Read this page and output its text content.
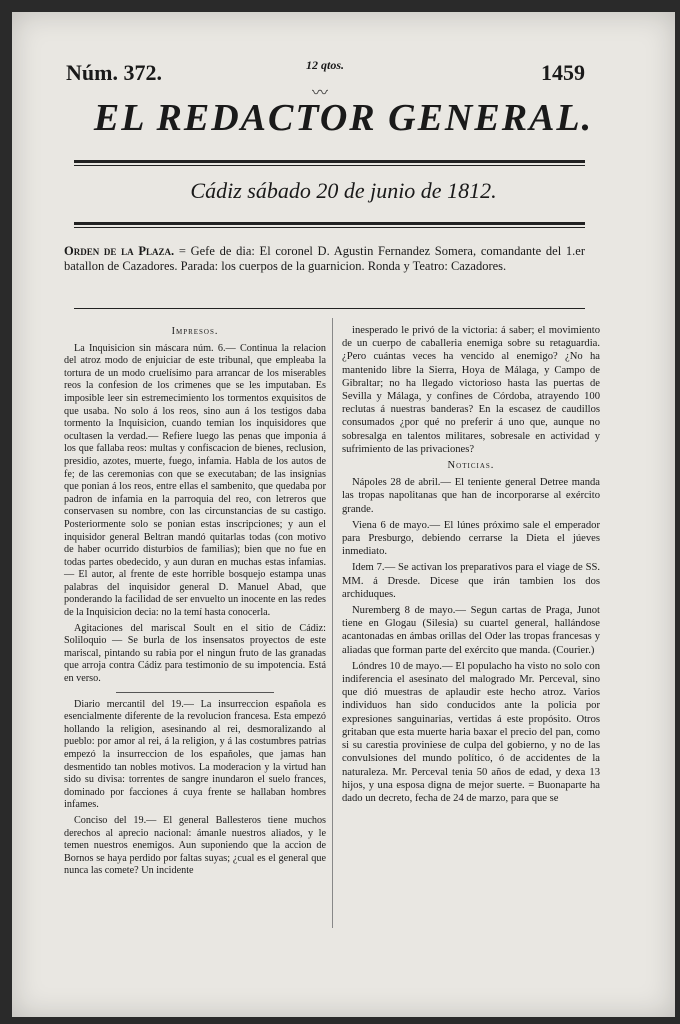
Núm. 372.	12 qtos.	1459
〰
EL REDACTOR GENERAL.
Cádiz sábado 20 de junio de 1812.
Orden de la Plaza. = Gefe de dia: El coronel D. Agustin Fernandez Somera, comandante del 1.er batallon de Cazadores. Parada: los cuerpos de la guarnicion. Ronda y Teatro: Cazadores.

Impresos.

La Inquisicion sin máscara núm. 6.— Continua la relacion del atroz modo de enjuiciar de este tribunal, que empleaba la tortura de un modo cruelísimo para arrancar de los miserables reos la confesion de los crimenes que se les imputaban. Es imposible leer sin estremecimiento los tormentos exquisitos de que usaba. No solo á los reos, sino aun á los testigos daba tormento la Inquisicion, cuando temian los inquisidores que ocultasen la verdad.— Refiere luego las penas que imponia á los que fallaba reos: multas y confiscacion de bienes, reclusion, presidio, azotes, muerte, fuego, infamia. Habla de los autos de fe; de las ceremonias con que se executaban; de las insignias que ponian á los reos, entre ellas el sambenito, que quedaba por padron de infamia en la parroquia del reo, con letreros que conservasen su nombre, con las circunstancias de su castigo. Posteriormente solo se ponian estas inscripciones; y aun el inquisidor general Beltran mandó quitarlas todas (con motivo de haber ocurrido disturbios de familias); bien que no fue en todas partes obedecido, y aun duran en muchas estas infamias.— El autor, al frente de este horrible bosquejo estampa unas palabras del inquisidor general D. Manuel Abad, que ponderando la facilidad de ser envuelto un inocente en las redes de la Inquisicion decia: no la temí hasta conocerla.

Agitaciones del mariscal Soult en el sitio de Cádiz: Soliloquio — Se burla de los insensatos proyectos de este mariscal, pintando su rabia por el ningun fruto de las granadas que arroja contra Cádiz para testimonio de su impotencia. Está en verso.

Diario mercantil del 19.— La insurreccion española es esencialmente diferente de la revolucion francesa. Esta empezó hollando la religion, asesinando al rei, desmoralizando al pueblo: por amor al rei, á la religion, y á las costumbres patrias empezó la insurreccion de los españoles, que jamas han desmentido tan nobles motivos. La moderacion y la virtud han sido su divisa: torrentes de sangre inundaron el suelo frances, dominado por facciones á cuya frente se hallaban hombres infames.

Conciso del 19.— El general Ballesteros tiene muchos derechos al aprecio nacional: ámanle nuestros aliados, y le temen nuestros enemigos. Aun suponiendo que la accion de Bornos se haya perdido por faltas suyas; ¿cual es el general que nunca las comete? Un incidente

inesperado le privó de la victoria: á saber; el movimiento de un cuerpo de caballeria enemiga sobre su retaguardia. ¿Pero cuántas veces ha vencido al enemigo? ¿No ha mantenido libre la Sierra, Hoya de Málaga, y Campo de Gibraltar; no ha llegado victorioso hasta las puertas de Sevilla y Málaga, y confines de Córdoba, atrayendo 100 reclutas á nuestras banderas? En la escasez de caudillos consumados ¿por qué no preferir á uno que, aunque no sobresalga en talentos militares, sobresale en actividad y sufrimiento de las privaciones?

Noticias.

Nápoles 28 de abril.— El teniente general Detree manda las tropas napolitanas que han de incorporarse al exército grande.

Viena 6 de mayo.— El lúnes próximo sale el emperador para Presburgo, debiendo cerrarse la Dieta el júeves inmediato.

Idem 7.— Se activan los preparativos para el viage de SS. MM. á Dresde. Dicese que irán tambien los dos archiduques.

Nuremberg 8 de mayo.— Segun cartas de Praga, Junot tiene en Glogau (Silesia) su cuartel general, hallándose acantonadas en ámbas orillas del Oder las tropas francesas y aliadas que forman parte del exército que manda. (Courier.)

Lóndres 10 de mayo.— El populacho ha visto no solo con indiferencia el asesinato del malogrado Mr. Perceval, sino que dió muestras de aplaudir este hecho atroz. Varios individuos han sido conducidos ante la policia por expresiones sanguinarias, vertidas á este propósito. Otros gritaban que esta muerte haria baxar el precio del pan, como si su carestia proviniese de culpa del gobierno, y no de las convulsiones del mundo político, ó de accidentes de la naturaleza. Mr. Perceval tenia 50 años de edad, y dexa 13 hijos, y una esposa digna de mejor suerte. = Buonaparte ha dado un decreto, fecha de 24 de marzo, para que se
